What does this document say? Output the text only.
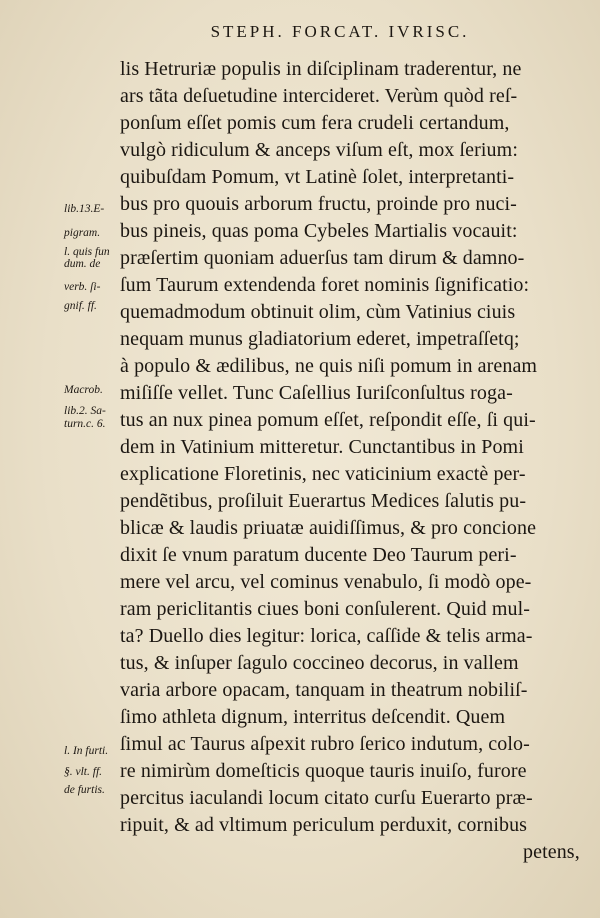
STEPH. FORCAT. IVRISC.
lis Hetruriæ populis in diſciplinam traderentur, ne
ars tãta deſuetudine intercideret. Verùm quòd reſ-
ponſum eſſet pomis cum fera crudeli certandum,
vulgò ridiculum & anceps viſum eſt, mox ſerium:
quibuſdam Pomum, vt Latinè ſolet, interpretanti-
bus pro quouis arborum fructu, proinde pro nuci-
bus pineis, quas poma Cybeles Martialis vocauit:
præſertim quoniam aduerſus tam dirum & damno-
ſum Taurum extendenda foret nominis ſignificatio:
quemadmodum obtinuit olim, cùm Vatinius ciuis
nequam munus gladiatorium ederet, impetraſſetq;
à populo & ædilibus, ne quis niſi pomum in arenam
miſiſſe vellet. Tunc Caſellius Iuriſconſultus roga-
tus an nux pinea pomum eſſet, reſpondit eſſe, ſi qui-
dem in Vatinium mitteretur. Cunctantibus in Pomi
explicatione Floretinis, nec vaticinium exactè per-
pendẽtibus, proſiluit Euerartus Medices ſalutis pu-
blicæ & laudis priuatæ auidiſſimus, & pro concione
dixit ſe vnum paratum ducente Deo Taurum peri-
mere vel arcu, vel cominus venabulo, ſi modò ope-
ram periclitantis ciues boni conſulerent. Quid mul-
ta? Duello dies legitur: lorica, caſſide & telis arma-
tus, & inſuper ſagulo coccineo decorus, in vallem
varia arbore opacam, tanquam in theatrum nobiliſ-
ſimo athleta dignum, interritus deſcendit. Quem
ſimul ac Taurus aſpexit rubro ſerico indutum, colo-
re nimirùm domeſticis quoque tauris inuiſo, furore
percitus iaculandi locum citato curſu Euerarto præ-
ripuit, & ad vltimum periculum perduxit, cornibus
petens,
lib.13.E-
pigram.
l. quis fun
dum. de
verb. ſi-
gnif. ff.
Macrob.
lib.2. Sa-
turn.c. 6.
l. In furti.
§. vlt. ff.
de furtis.
